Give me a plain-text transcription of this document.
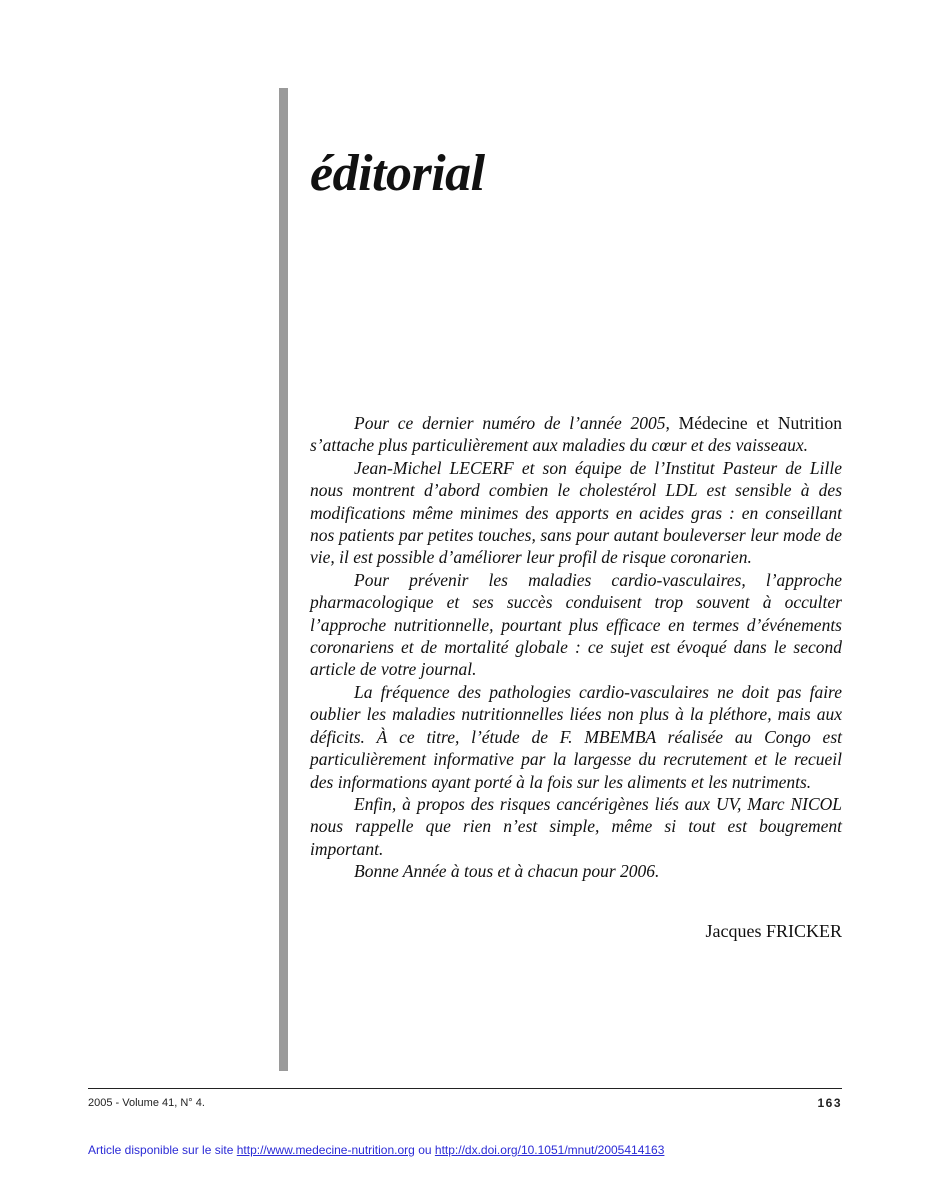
éditorial

Pour ce dernier numéro de l’année 2005, Médecine et Nutrition s’attache plus particulièrement aux maladies du cœur et des vaisseaux.

Jean-Michel LECERF et son équipe de l’Institut Pasteur de Lille nous montrent d’abord combien le cholestérol LDL est sensible à des modifications même minimes des apports en acides gras : en conseillant nos patients par petites touches, sans pour autant bouleverser leur mode de vie, il est possible d’améliorer leur profil de risque coronarien.

Pour prévenir les maladies cardio-vasculaires, l’approche pharmacologique et ses succès conduisent trop souvent à occulter l’approche nutritionnelle, pourtant plus efficace en termes d’événements coronariens et de mortalité globale : ce sujet est évoqué dans le second article de votre journal.

La fréquence des pathologies cardio-vasculaires ne doit pas faire oublier les maladies nutritionnelles liées non plus à la pléthore, mais aux déficits. À ce titre, l’étude de F. MBEMBA réalisée au Congo est particulièrement informative par la largesse du recrutement et le recueil des informations ayant porté à la fois sur les aliments et les nutriments.

Enfin, à propos des risques cancérigènes liés aux UV, Marc NICOL nous rappelle que rien n’est simple, même si tout est bougrement important.

Bonne Année à tous et à chacun pour 2006.

Jacques FRICKER
2005 - Volume 41, N° 4.	163
Article disponible sur le site http://www.medecine-nutrition.org ou http://dx.doi.org/10.1051/mnut/2005414163
